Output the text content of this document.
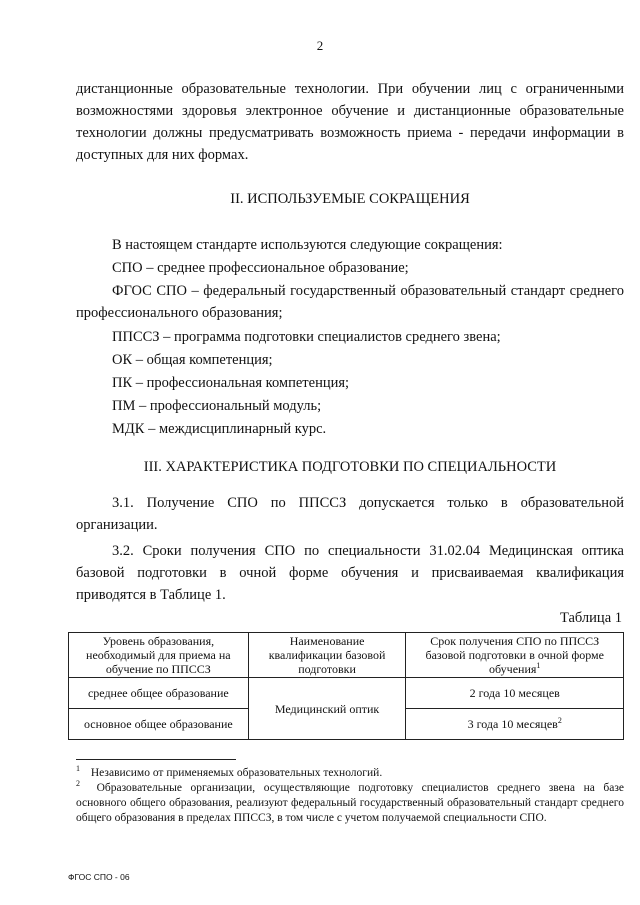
2
дистанционные образовательные технологии. При обучении лиц с ограниченными возможностями здоровья электронное обучение и дистанционные образовательные технологии должны предусматривать возможность приема - передачи информации в доступных для них формах.
II. ИСПОЛЬЗУЕМЫЕ СОКРАЩЕНИЯ
В настоящем стандарте используются следующие сокращения:
СПО – среднее профессиональное образование;
ФГОС СПО – федеральный государственный образовательный стандарт среднего профессионального образования;
ППССЗ – программа подготовки специалистов среднего звена;
ОК – общая компетенция;
ПК – профессиональная компетенция;
ПМ – профессиональный модуль;
МДК – междисциплинарный курс.
III. ХАРАКТЕРИСТИКА ПОДГОТОВКИ ПО СПЕЦИАЛЬНОСТИ
3.1. Получение СПО по ППССЗ допускается только в образовательной организации.
3.2. Сроки получения СПО по специальности 31.02.04 Медицинская оптика базовой подготовки в очной форме обучения и присваиваемая квалификация приводятся в Таблице 1.
Таблица 1
Уровень образования, необходимый для приема на обучение по ППССЗ	Наименование квалификации базовой подготовки	Срок получения СПО по ППССЗ базовой подготовки в очной форме обучения$^1$
среднее общее образование	Медицинский оптик	2 года 10 месяцев
основное общее образование		3 года 10 месяцев$^2$
$^1$ Независимо от применяемых образовательных технологий.
$^2$ Образовательные организации, осуществляющие подготовку специалистов среднего звена на базе основного общего образования, реализуют федеральный государственный образовательный стандарт среднего общего образования в пределах ППССЗ, в том числе с учетом получаемой специальности СПО.
ФГОС СПО - 06
